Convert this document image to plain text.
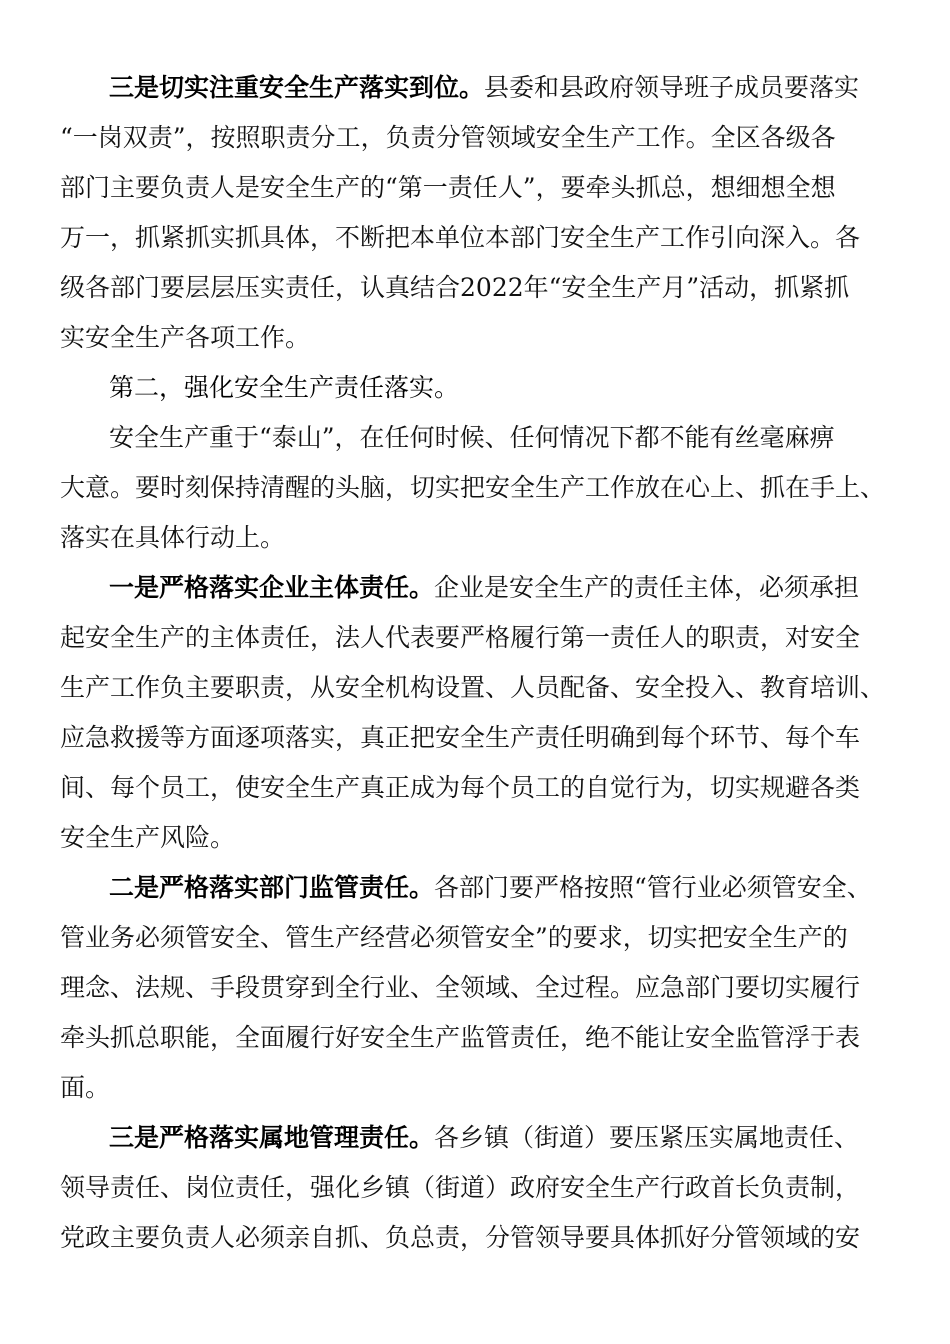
三是切实注重安全生产落实到位。县委和县政府领导班子成员要落实
“一岗双责”，按照职责分工，负责分管领域安全生产工作。全区各级各
部门主要负责人是安全生产的“第一责任人”，要牵头抓总，想细想全想
万一，抓紧抓实抓具体，不断把本单位本部门安全生产工作引向深入。各
级各部门要层层压实责任，认真结合2022年“安全生产月”活动，抓紧抓
实安全生产各项工作。
第二，强化安全生产责任落实。
安全生产重于“泰山”，在任何时候、任何情况下都不能有丝毫麻痹
大意。要时刻保持清醒的头脑，切实把安全生产工作放在心上、抓在手上、
落实在具体行动上。
一是严格落实企业主体责任。企业是安全生产的责任主体，必须承担
起安全生产的主体责任，法人代表要严格履行第一责任人的职责，对安全
生产工作负主要职责，从安全机构设置、人员配备、安全投入、教育培训、
应急救援等方面逐项落实，真正把安全生产责任明确到每个环节、每个车
间、每个员工，使安全生产真正成为每个员工的自觉行为，切实规避各类
安全生产风险。
二是严格落实部门监管责任。各部门要严格按照“管行业必须管安全、
管业务必须管安全、管生产经营必须管安全”的要求，切实把安全生产的
理念、法规、手段贯穿到全行业、全领域、全过程。应急部门要切实履行
牵头抓总职能，全面履行好安全生产监管责任，绝不能让安全监管浮于表
面。
三是严格落实属地管理责任。各乡镇（街道）要压紧压实属地责任、
领导责任、岗位责任，强化乡镇（街道）政府安全生产行政首长负责制，
党政主要负责人必须亲自抓、负总责，分管领导要具体抓好分管领域的安
